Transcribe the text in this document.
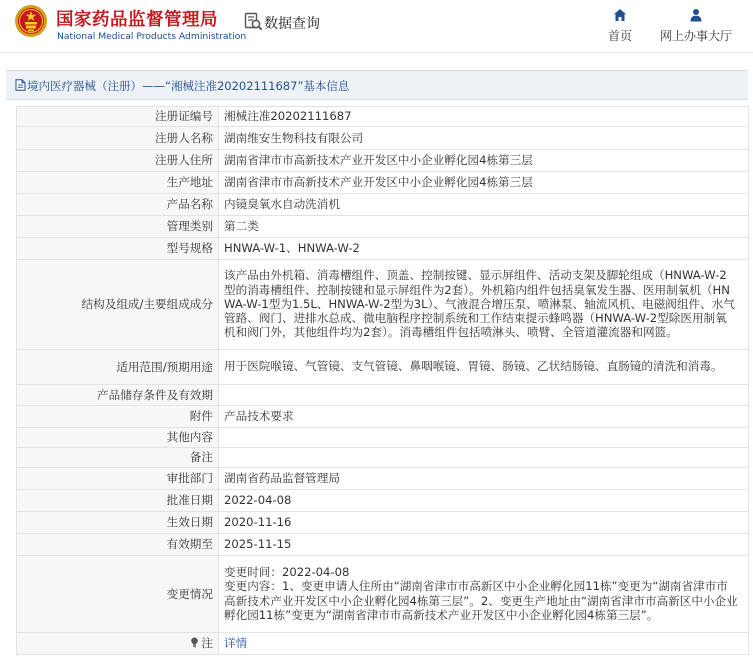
国家药品监督管理局
National Medical Products Administration
数据查询
首页	网上办事大厅
境内医疗器械（注册）——“湘械注准20202111687”基本信息
注册证编号	湘械注准20202111687
注册人名称	湖南维安生物科技有限公司
注册人住所	湖南省津市市高新技术产业开发区中小企业孵化园4栋第三层
生产地址	湖南省津市市高新技术产业开发区中小企业孵化园4栋第三层
产品名称	内镜臭氧水自动洗消机
管理类别	第二类
型号规格	HNWA-W-1、HNWA-W-2
结构及组成/主要组成成分	该产品由外机箱、消毒槽组件、顶盖、控制按键、显示屏组件、活动支架及脚轮组成（HNWA-W-2型的消毒槽组件、控制按键和显示屏组件为2套）。外机箱内组件包括臭氧发生器、医用制氧机（HNWA-W-1型为1.5L、HNWA-W-2型为3L）、气液混合增压泵、喷淋泵、轴流风机、电磁阀组件、水气管路、阀门、进排水总成、微电脑程序控制系统和工作结束提示蜂鸣器（HNWA-W-2型除医用制氧机和阀门外，其他组件均为2套）。消毒槽组件包括喷淋头、喷臂、全管道灌流器和网篮。
适用范围/预期用途	用于医院喉镜、气管镜、支气管镜、鼻咽喉镜、胃镜、肠镜、乙状结肠镜、直肠镜的清洗和消毒。
产品储存条件及有效期	
附件	产品技术要求
其他内容	
备注	
审批部门	湖南省药品监督管理局
批准日期	2022-04-08
生效日期	2020-11-16
有效期至	2025-11-15
变更情况	变更时间：2022-04-08
变更内容：1、变更申请人住所由“湖南省津市市高新区中小企业孵化园11栋”变更为“湖南省津市市高新技术产业开发区中小企业孵化园4栋第三层”。2、变更生产地址由“湖南省津市市高新区中小企业孵化园11栋”变更为“湖南省津市市高新技术产业开发区中小企业孵化园4栋第三层”。

注	详情
